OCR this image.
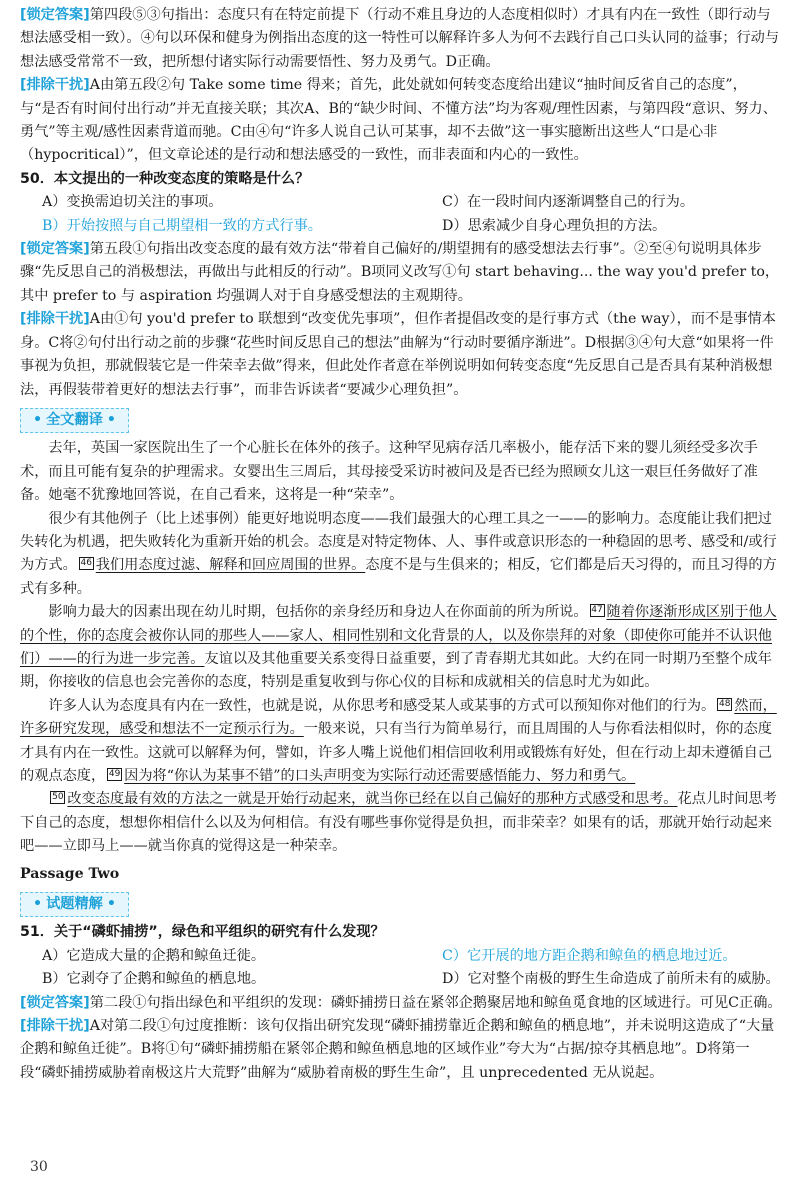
[锁定答案]第四段⑤③句指出：态度只有在特定前提下（行动不难且身边的人态度相似时）才具有内在一致性（即行动与想法感受相一致）。④句以环保和健身为例指出态度的这一特性可以解释许多人为何不去践行自己口头认同的益事；行动与想法感受常常不一致，把所想付诸实际行动需要悟性、努力及勇气。D正确。

[排除干扰]A由第五段②句 Take some time 得来；首先，此处就如何转变态度给出建议“抽时间反省自己的态度”，与“是否有时间付出行动”并无直接关联；其次A、B的“缺少时间、不懂方法”均为客观/理性因素，与第四段“意识、努力、勇气”等主观/感性因素背道而驰。C由④句“许多人说自己认可某事，却不去做”这一事实臆断出这些人“口是心非（hypocritical）”，但文章论述的是行动和想法感受的一致性，而非表面和内心的一致性。

50．本文提出的一种改变态度的策略是什么？

A）变换需迫切关注的事项。	C）在一段时间内逐渐调整自己的行为。
B）开始按照与自己期望相一致的方式行事。	D）思索减少自身心理负担的方法。

[锁定答案]第五段①句指出改变态度的最有效方法“带着自己偏好的/期望拥有的感受想法去行事”。②至④句说明具体步骤“先反思自己的消极想法，再做出与此相反的行动”。B项同义改写①句 start behaving... the way you'd prefer to，其中 prefer to 与 aspiration 均强调人对于自身感受想法的主观期待。

[排除干扰]A由①句 you'd prefer to 联想到“改变优先事项”，但作者提倡改变的是行事方式（the way），而不是事情本身。C将②句付出行动之前的步骤“花些时间反思自己的想法”曲解为“行动时要循序渐进”。D根据③④句大意“如果将一件事视为负担，那就假装它是一件荣幸去做”得来，但此处作者意在举例说明如何转变态度“先反思自己是否具有某种消极想法，再假装带着更好的想法去行事”，而非告诉读者“要减少心理负担”。

• 全文翻译 •

去年，英国一家医院出生了一个心脏长在体外的孩子。这种罕见病存活几率极小，能存活下来的婴儿须经受多次手术，而且可能有复杂的护理需求。女婴出生三周后，其母接受采访时被问及是否已经为照顾女儿这一艰巨任务做好了准备。她毫不犹豫地回答说，在自己看来，这将是一种“荣幸”。

很少有其他例子（比上述事例）能更好地说明态度——我们最强大的心理工具之一——的影响力。态度能让我们把过失转化为机遇，把失败转化为重新开始的机会。态度是对特定物体、人、事件或意识形态的一种稳固的思考、感受和/或行为方式。 46 我们用态度过滤、解释和回应周围的世界。态度不是与生俱来的；相反，它们都是后天习得的，而且习得的方式有多种。

影响力最大的因素出现在幼儿时期，包括你的亲身经历和身边人在你面前的所为所说。 47 随着你逐渐形成区别于他人的个性，你的态度会被你认同的那些人——家人、相同性别和文化背景的人，以及你崇拜的对象（即使你可能并不认识他们）——的行为进一步完善。友谊以及其他重要关系变得日益重要，到了青春期尤其如此。大约在同一时期乃至整个成年期，你接收的信息也会完善你的态度，特别是重复收到与你心仪的目标和成就相关的信息时尤为如此。

许多人认为态度具有内在一致性，也就是说，从你思考和感受某人或某事的方式可以预知你对他们的行为。 48 然而，许多研究发现，感受和想法不一定预示行为。一般来说，只有当行为简单易行，而且周围的人与你看法相似时，你的态度才具有内在一致性。这就可以解释为何，譬如，许多人嘴上说他们相信回收利用或锻炼有好处，但在行动上却未遵循自己的观点态度， 49 因为将“你认为某事不错”的口头声明变为实际行动还需要感悟能力、努力和勇气。

50 改变态度最有效的方法之一就是开始行动起来，就当你已经在以自己偏好的那种方式感受和思考。花点儿时间思考下自己的态度，想想你相信什么以及为何相信。有没有哪些事你觉得是负担，而非荣幸？如果有的话，那就开始行动起来吧——立即马上——就当你真的觉得这是一种荣幸。

Passage Two

• 试题精解 •

51．关于“磷虾捕捞”，绿色和平组织的研究有什么发现？

A）它造成大量的企鹅和鲸鱼迁徙。	C）它开展的地方距企鹅和鲸鱼的栖息地过近。
B）它剥夺了企鹅和鲸鱼的栖息地。	D）它对整个南极的野生生命造成了前所未有的威胁。

[锁定答案]第二段①句指出绿色和平组织的发现：磷虾捕捞日益在紧邻企鹅聚居地和鲸鱼觅食地的区域进行。可见C正确。

[排除干扰]A对第二段①句过度推断：该句仅指出研究发现“磷虾捕捞靠近企鹅和鲸鱼的栖息地”，并未说明这造成了“大量企鹅和鲸鱼迁徙”。B将①句“磷虾捕捞船在紧邻企鹅和鲸鱼栖息地的区域作业”夸大为“占据/掠夺其栖息地”。D将第一段“磷虾捕捞威胁着南极这片大荒野”曲解为“威胁着南极的野生生命”，且 unprecedented 无从说起。

30
